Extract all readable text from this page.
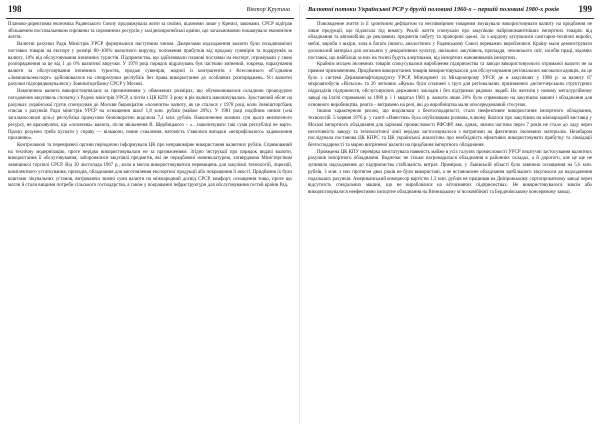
198	Віктор Крупина

Планово-директивна економіка Радянського Союзу продовжувала жити за своїми, відомими лише у Кремлі, законами. СРСР відіграв збільшеним постачальником сировини та сировинних ресурсів у західноєвропейські країни, що загальномовно пошанувало економічне життя.

Валютні рахунки Ради Міністрів УРСР формувалися наступним чином. Джерелами надходження валюти були позадинамічні поставки товарів на експорт у розмірі 80–100% валютного виручку, положення прибутків від продажу сувенірів та подарунків за валюту, 10% від обслуговування іноземних туристів. Підприємства, що здійснювали планові поставки на експорт, отримували у свою розпорядження за це від 1 до 6% валютної виручки. У 1978 році порядок відрахувань був частково змінений, зокрема, нарахування валюти за обслуговування іноземних туристів, продаж сувенірів, жодної із контрагентів з Всесоюзного об’єднання «Зовнішньоекспорт» здійснювалося на спецрахунки республік без права використання до особливих розпоряджень. Усі валютні рахунки підпорядковувалися у Зовнішторгбанку СРСР у Москві.

Накопичена валюта використовувалася за призначенням у обмежених розмірах, що обумовлювалося складною процедурою погодження закупівель спочатку з Радою міністрів УРСР, а потім з ЦК КПУ. З року в рік валюта накопичувалась. Зростаючий обсяг на рахунках української групи спонукував до Москви бюрократію «позичити» валюту, як це сталося у 1978 році, коли Зовнішторгбанк списав з рахунків Ради міністрів УРСР на оснащення шахт 1,8 млн. рублів (майже 20%). У 1981 році подібним чином («на загальносоюзні цілі») республіка примусово безповоротно виділила 7,4 млн. рублів. Накопичення значних сум цього величезного ресурсу, не враховуючи, що «позичена» валюта, після звільнення В. Щербицького – «…накопичувати такі суми республіці не варто. Прошу розумно треба пускати у справу — вілкаючи, повне схвалення, натомість з’явилися випадки «непрофільного» задоволення проханню».

Контролюючі та перевіряючі органи періодично інформували ЦК про неправомірне використання валютних рублів. Спрямований на технічну модернізацію, проте нерідко використовувалася не за призначенням. Згідно інструкції про порядок видачі валюти, використання її обслуговування, заборонялися закупівлі предметів, які не передбачені номенклатурою, затверджена Міністерством зовнішньої торгівлі СРСР. Від 30 листопада 1967 р., коли в могли використовуватися перевищень для закупівлі технологій, ліцензій, комплектного устаткування, приладів, обладнання для виготовлення експортної продукції або покращення її якості. Придбання їх були коштами лікувальних установ, витрачаючи значні суми валюти на міжнародний досвід СРСР, комфорт, оснащення тощо, проте що могли й стали вищими потреби сільського господарства, а також у покращенні інфраструктури для обслуговування гостей країни Рад.

Валютні потоки Української РСР у другій половині 1960-х – першій половині 1980-х років 199

Повсякденне життя із її хронічним дефіцитом та неспівмірним товарним змушувало використовувати валюту на придбання не лише продукції, що підлягала під вимогу. Реалії життя спонукали про закупівлю найрізноманітніших імпортних товарів: від обладнання та автомобілів до рекламних предметів побуту та прапорної одежі. За з кордону купувалися санітарно-технічні вироби, меблі, вироби з шкіри, хоча в багато іншого, аналогічних у Радянському Союзі переважно вироблялися. Країну мали демонструвати досконалий матеріал для загальних у декоративних культур, шкільних закупівель, приладдя, чеховського світ, засобів праці, відомих поставок, що найбільш за них на тисячі будуть алертиками, від імпортних наповнювачів імпортних.

Крайнім місцем іноземних товарів спокусувалися вироблення підприємства та заводи використовуючого отриманої валюти не за прямим призначенням. Придбання використання товарів використовувалося для обслуговування регіональних високопосадовців, як це було з системі Держкомнафтопродукту УРСР, Мінчорметі та Міхарчопрому УРСР, де в закупівлях у 1980 р. за валюту 67 мікроавтобусів «Вільсон» та 26 легкових «Жуки» були сплачені з груп для регіональних призначених диспетчерським структурних підрозділів підприємств, обслуговуючих державних закладів і без підтримки рядових людей. На жителів у новому металургійному заводі на Іллічі спрямовані за 1980 р. і 1 квартал 1981 р. валюти лише 20% було спрямовано на закупівлю машин і обладнання для основного виробництва, решта – витрачено на речі, які до виробництва мали опосередкований стосунок.

Іншою характерною рисою, що виділялася з безгосподарності, стало неефективне використання імпортного обладнання, технологій. 5 червня 1976 р. у газеті «Известия» була опублікована розмова, в якому йшлося про закупівлю на міжнародній виставці у Москві імпортного обладнання для харчової промисловості РФСФР, яке, однак, значна частина через 7 років не стало до ладу через неготовність заводу та технологічної лінії нерідко застосовувалося з витратами на фактичних іноземних матеріалів. Незабаром послідувала постанова ЦК КПРС та ЦК української аналогічна про необхідність ефективно використовувати прибутку та ліквідації безгосподарності та марно витраченої валюти на придбання імпортного обладнання.

Проведена ЦК КПУ перевірка констатувала наявність майже в усіх галузях промисловості УРСР поштучні застосування валютних рахунків імпортного обладнання. Водночас не тільки нагромадилася обладнання в районних складах, а й дорогого, але це ще не зупиняло надходження до підприємства стабільність витрат. Приміром, у Львівській області було завезено оснащення на 5,6 млн. рублів, 3 млн. з них протягом двох років не були використані, а не встановлене обладнання здебільшого закупалося до надходження подальших рахунків. Американський компресор вартістю 1,3 млн. рублів не працював на Дніпровському сортопрокатному заводі через відсутність спеціальних машин, що не вироблялися на вітчизняних підприємствах. Не використовувалося зовсім або використовувалося неефективно імпортне обладнання на Вінницькому м’ясокомбінаті та Бердичівському консервному заводі.
